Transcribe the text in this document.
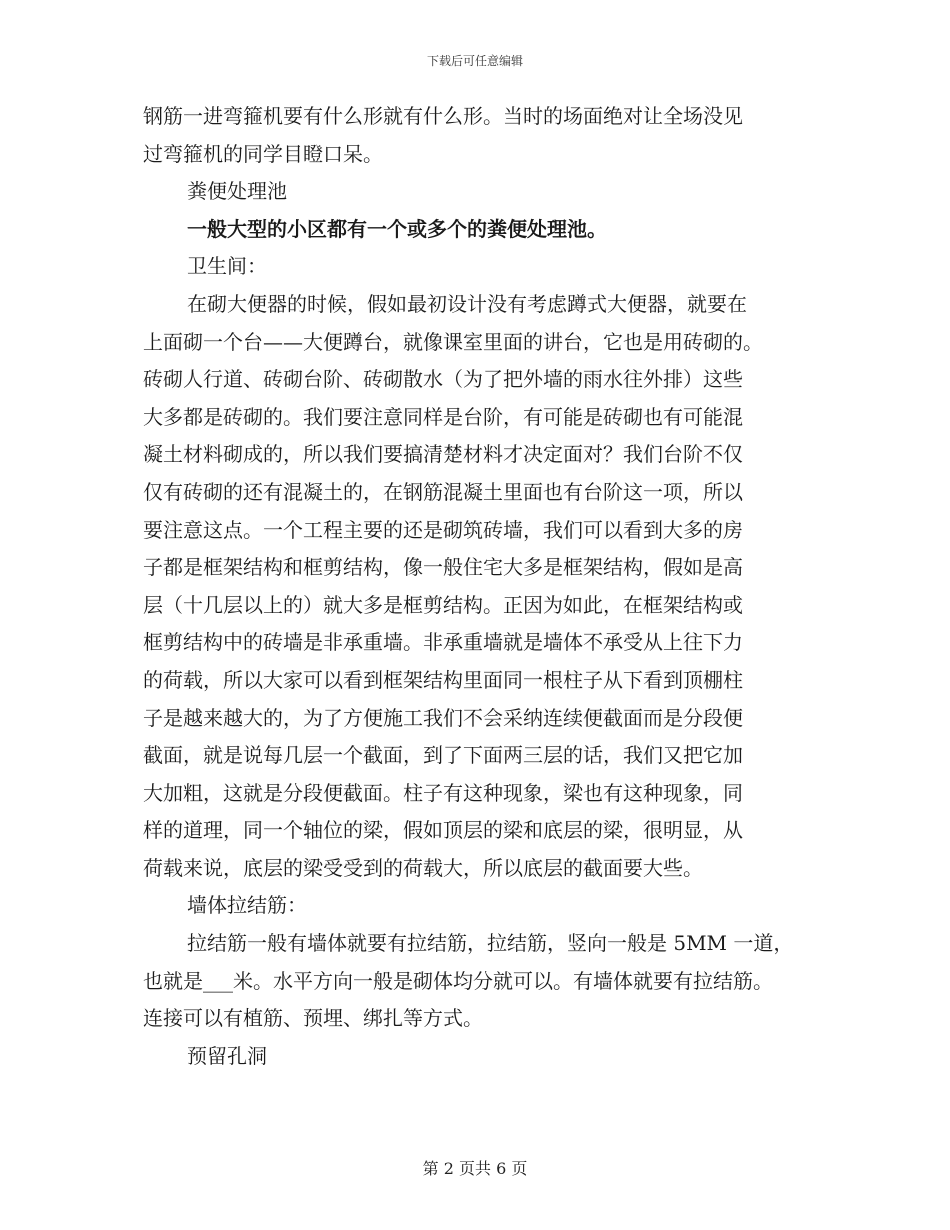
下载后可任意编辑
钢筋一进弯箍机要有什么形就有什么形。当时的场面绝对让全场没见
过弯箍机的同学目瞪口呆。
粪便处理池
一般大型的小区都有一个或多个的粪便处理池。
卫生间：
在砌大便器的时候，假如最初设计没有考虑蹲式大便器，就要在
上面砌一个台——大便蹲台，就像课室里面的讲台，它也是用砖砌的。
砖砌人行道、砖砌台阶、砖砌散水（为了把外墙的雨水往外排）这些
大多都是砖砌的。我们要注意同样是台阶，有可能是砖砌也有可能混
凝土材料砌成的，所以我们要搞清楚材料才决定面对？我们台阶不仅
仅有砖砌的还有混凝土的，在钢筋混凝土里面也有台阶这一项，所以
要注意这点。一个工程主要的还是砌筑砖墙，我们可以看到大多的房
子都是框架结构和框剪结构，像一般住宅大多是框架结构，假如是高
层（十几层以上的）就大多是框剪结构。正因为如此，在框架结构或
框剪结构中的砖墙是非承重墙。非承重墙就是墙体不承受从上往下力
的荷载，所以大家可以看到框架结构里面同一根柱子从下看到顶棚柱
子是越来越大的，为了方便施工我们不会采纳连续便截面而是分段便
截面，就是说每几层一个截面，到了下面两三层的话，我们又把它加
大加粗，这就是分段便截面。柱子有这种现象，梁也有这种现象，同
样的道理，同一个轴位的梁，假如顶层的梁和底层的梁，很明显，从
荷载来说，底层的梁受受到的荷载大，所以底层的截面要大些。
墙体拉结筋：
拉结筋一般有墙体就要有拉结筋，拉结筋，竖向一般是 5MM 一道，
也就是___米。水平方向一般是砌体均分就可以。有墙体就要有拉结筋。
连接可以有植筋、预埋、绑扎等方式。
预留孔洞
第 2 页共 6 页
